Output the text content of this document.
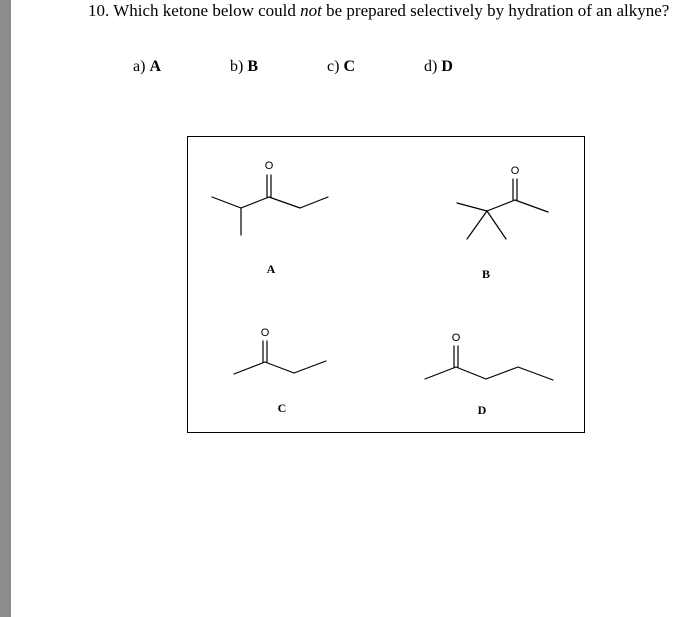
10. Which ketone below could not be prepared selectively by hydration of an alkyne?
a) A	b) B	c) C	d) D
O	O
O	O
A	B
C	D
